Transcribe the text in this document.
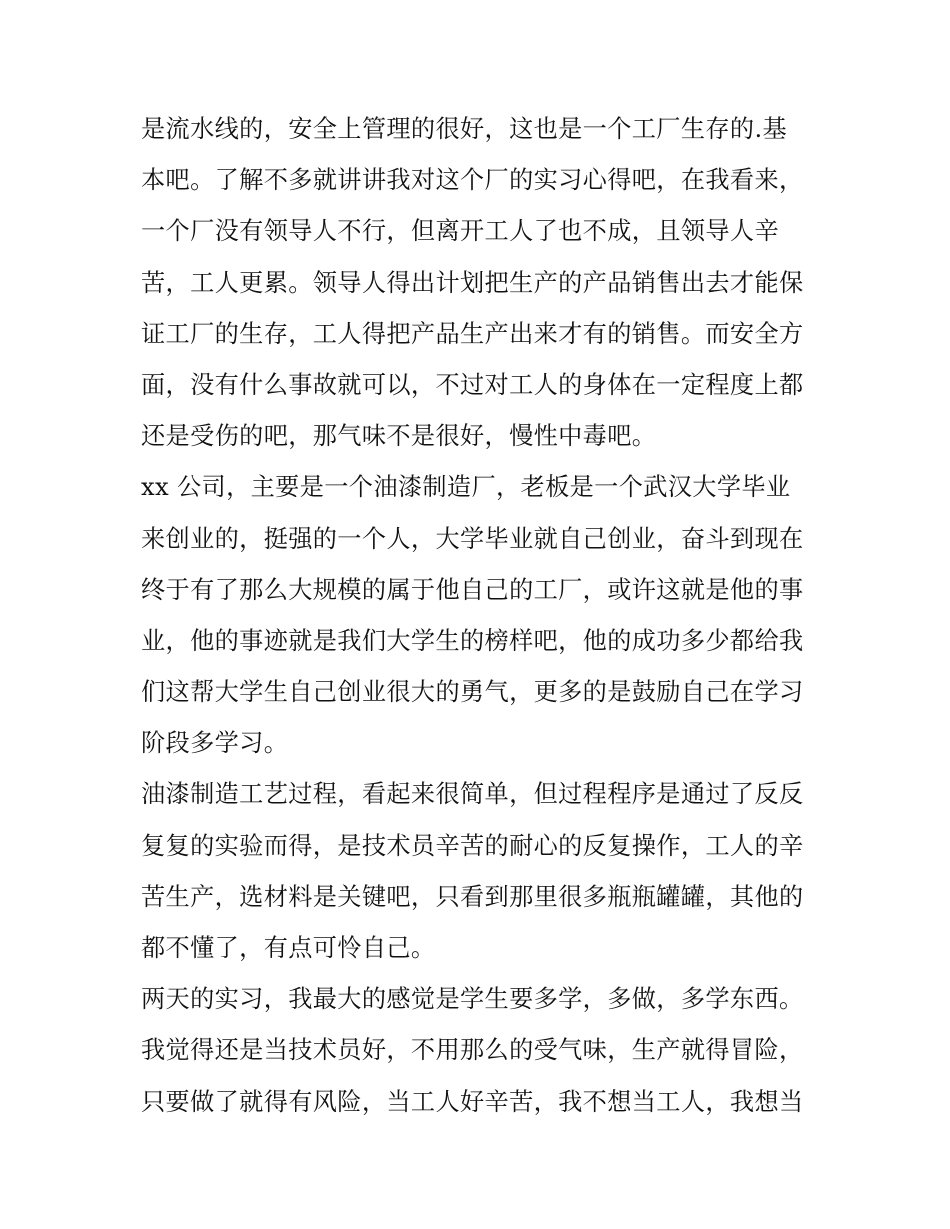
是流水线的，安全上管理的很好，这也是一个工厂生存的.基
本吧。了解不多就讲讲我对这个厂的实习心得吧，在我看来，
一个厂没有领导人不行，但离开工人了也不成，且领导人辛
苦，工人更累。领导人得出计划把生产的产品销售出去才能保
证工厂的生存，工人得把产品生产出来才有的销售。而安全方
面，没有什么事故就可以，不过对工人的身体在一定程度上都
还是受伤的吧，那气味不是很好，慢性中毒吧。
xx 公司，主要是一个油漆制造厂，老板是一个武汉大学毕业
来创业的，挺强的一个人，大学毕业就自己创业，奋斗到现在
终于有了那么大规模的属于他自己的工厂，或许这就是他的事
业，他的事迹就是我们大学生的榜样吧，他的成功多少都给我
们这帮大学生自己创业很大的勇气，更多的是鼓励自己在学习
阶段多学习。
油漆制造工艺过程，看起来很简单，但过程程序是通过了反反
复复的实验而得，是技术员辛苦的耐心的反复操作，工人的辛
苦生产，选材料是关键吧，只看到那里很多瓶瓶罐罐，其他的
都不懂了，有点可怜自己。
两天的实习，我最大的感觉是学生要多学，多做，多学东西。
我觉得还是当技术员好，不用那么的受气味，生产就得冒险，
只要做了就得有风险，当工人好辛苦，我不想当工人，我想当
